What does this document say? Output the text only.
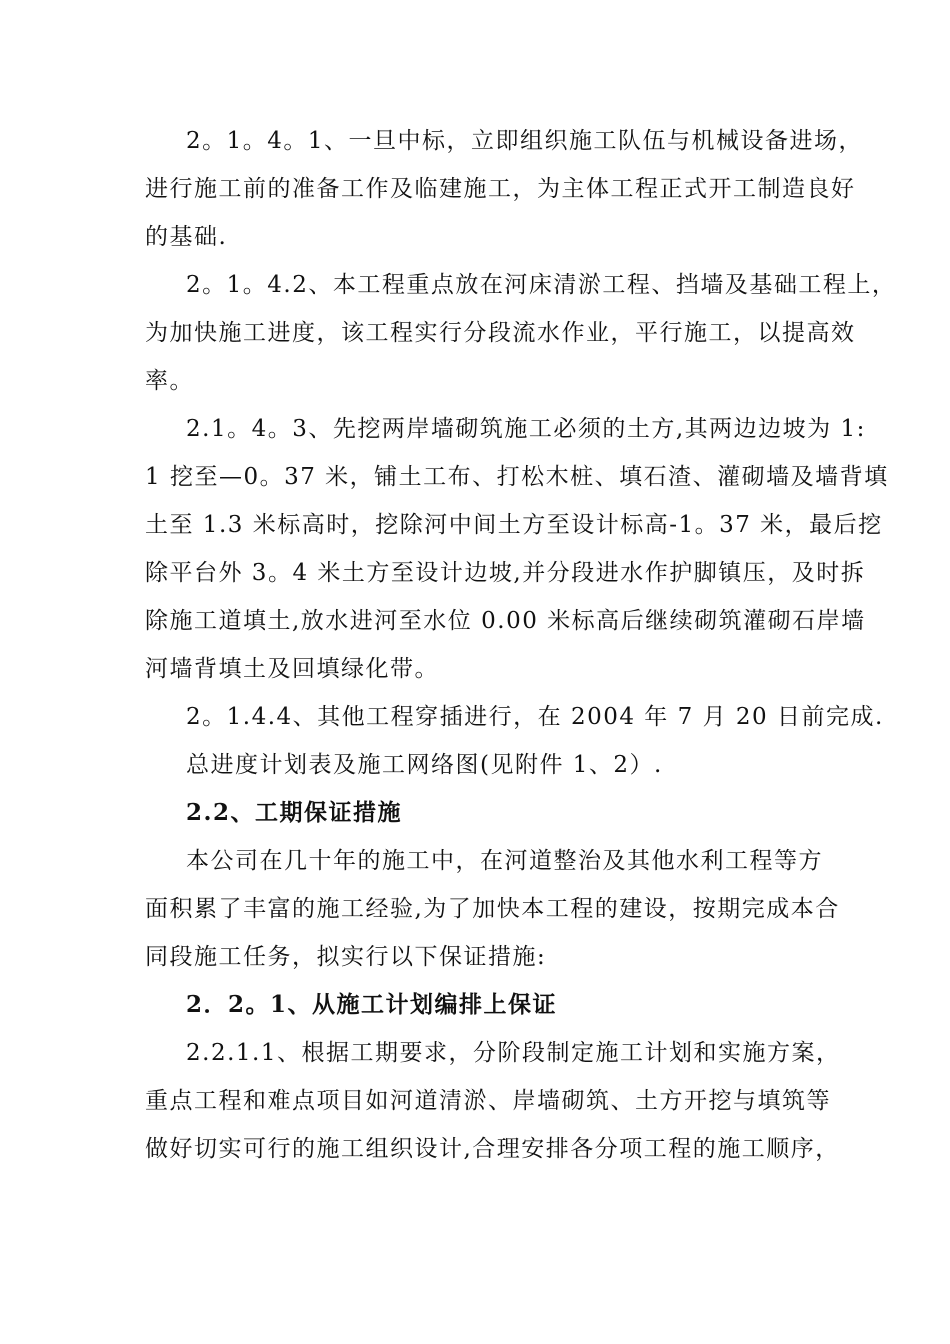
2。1。4。1、一旦中标，立即组织施工队伍与机械设备进场，
进行施工前的准备工作及临建施工，为主体工程正式开工制造良好
的基础.
2。1。4.2、本工程重点放在河床清淤工程、挡墙及基础工程上，
为加快施工进度，该工程实行分段流水作业，平行施工，以提高效
率。
2.1。4。3、先挖两岸墙砌筑施工必须的土方,其两边边坡为 1:
1 挖至—0。37 米，铺土工布、打松木桩、填石渣、灌砌墙及墙背填
土至 1.3 米标高时，挖除河中间土方至设计标高-1。37 米，最后挖
除平台外 3。4 米土方至设计边坡,并分段进水作护脚镇压，及时拆
除施工道填土,放水进河至水位 0.00 米标高后继续砌筑灌砌石岸墙
河墙背填土及回填绿化带。
2。1.4.4、其他工程穿插进行，在 2004 年 7 月 20 日前完成.
总进度计划表及施工网络图(见附件 1、2）.
2.2、工期保证措施
本公司在几十年的施工中，在河道整治及其他水利工程等方
面积累了丰富的施工经验,为了加快本工程的建设，按期完成本合
同段施工任务，拟实行以下保证措施:
2．2。1、从施工计划编排上保证
2.2.1.1、根据工期要求，分阶段制定施工计划和实施方案，
重点工程和难点项目如河道清淤、岸墙砌筑、土方开挖与填筑等
做好切实可行的施工组织设计,合理安排各分项工程的施工顺序，
